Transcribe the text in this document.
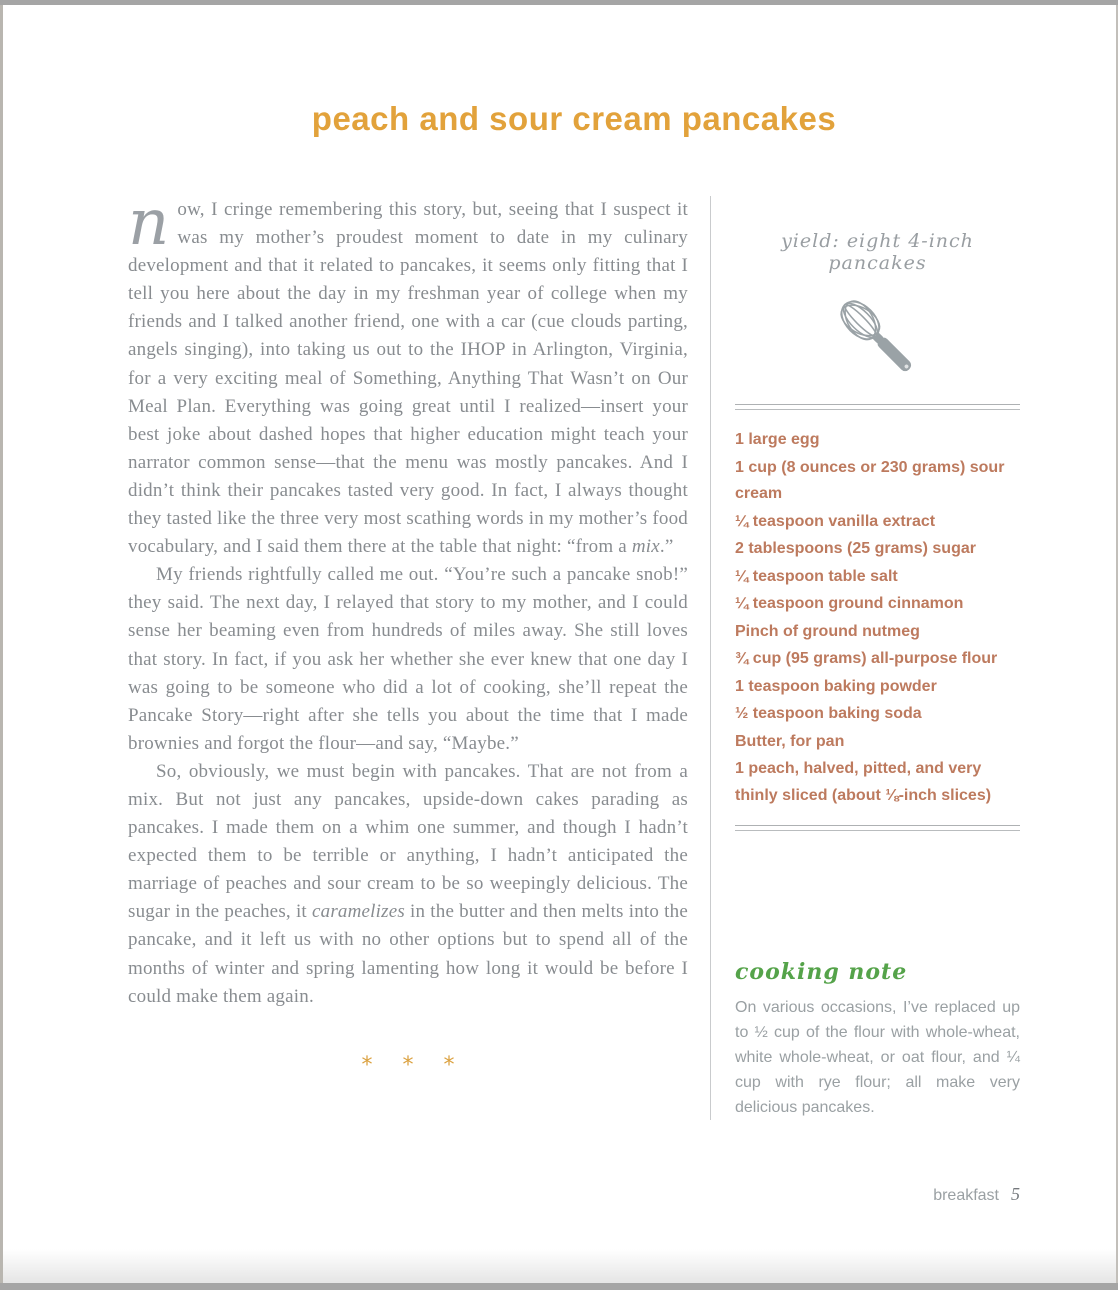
peach and sour cream pancakes

now, I cringe remembering this story, but, seeing that I suspect it was my mother’s proudest moment to date in my culinary development and that it related to pancakes, it seems only fitting that I tell you here about the day in my freshman year of college when my friends and I talked another friend, one with a car (cue clouds parting, angels singing), into taking us out to the IHOP in Arlington, Virginia, for a very exciting meal of Something, Anything That Wasn’t on Our Meal Plan. Everything was going great until I realized—insert your best joke about dashed hopes that higher education might teach your narrator common sense—that the menu was mostly pancakes. And I didn’t think their pancakes tasted very good. In fact, I always thought they tasted like the three very most scathing words in my mother’s food vocabulary, and I said them there at the table that night: “from a mix.”

My friends rightfully called me out. “You’re such a pancake snob!” they said. The next day, I relayed that story to my mother, and I could sense her beaming even from hundreds of miles away. She still loves that story. In fact, if you ask her whether she ever knew that one day I was going to be someone who did a lot of cooking, she’ll repeat the Pancake Story—right after she tells you about the time that I made brownies and forgot the flour—and say, “Maybe.”

So, obviously, we must begin with pancakes. That are not from a mix. But not just any pancakes, upside-down cakes parading as pancakes. I made them on a whim one summer, and though I hadn’t expected them to be terrible or anything, I hadn’t anticipated the marriage of peaches and sour cream to be so weepingly delicious. The sugar in the peaches, it caramelizes in the butter and then melts into the pancake, and it left us with no other options but to spend all of the months of winter and spring lamenting how long it would be before I could make them again.

***
yield: eight 4-inch pancakes
1 large egg
1 cup (8 ounces or 230 grams) sour cream
¼ teaspoon vanilla extract
2 tablespoons (25 grams) sugar
¼ teaspoon table salt
¼ teaspoon ground cinnamon
Pinch of ground nutmeg
¾ cup (95 grams) all-purpose flour
1 teaspoon baking powder
½ teaspoon baking soda
Butter, for pan
1 peach, halved, pitted, and very thinly sliced (about ⅛-inch slices)
cooking note

On various occasions, I’ve replaced up to ½ cup of the flour with whole-wheat, white whole-wheat, or oat flour, and ¼ cup with rye flour; all make very delicious pancakes.

breakfast 5
